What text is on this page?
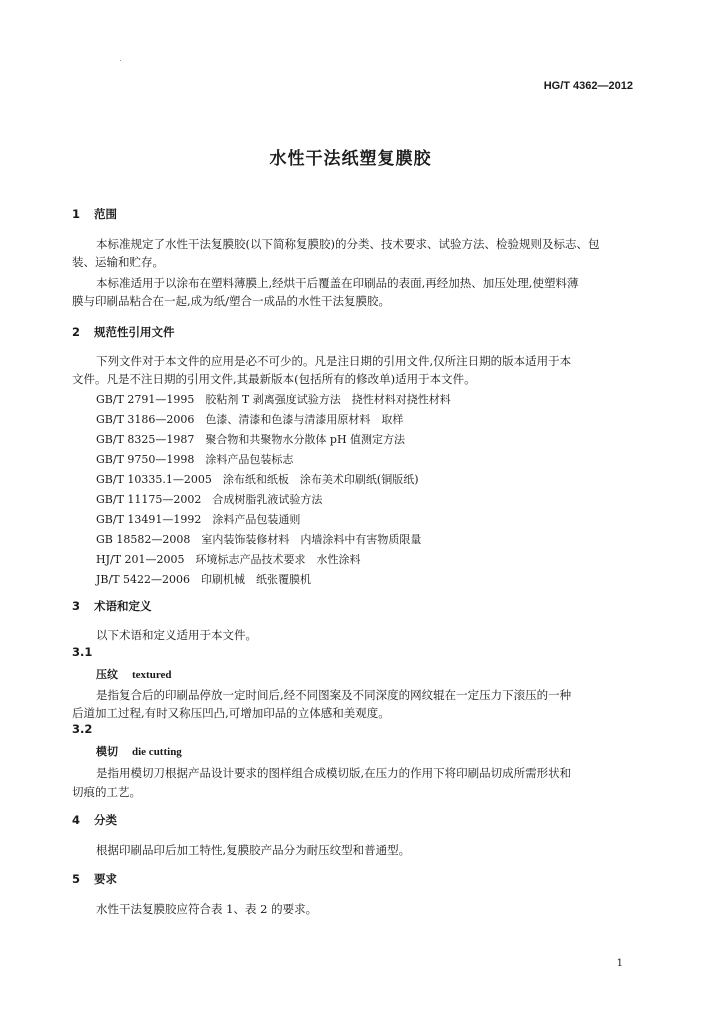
HG/T 4362—2012
水性干法纸塑复膜胶
1 范围
本标准规定了水性干法复膜胶(以下简称复膜胶)的分类、技术要求、试验方法、检验规则及标志、包
装、运输和贮存。
本标准适用于以涂布在塑料薄膜上,经烘干后覆盖在印刷品的表面,再经加热、加压处理,使塑料薄
膜与印刷品粘合在一起,成为纸/塑合一成品的水性干法复膜胶。
2 规范性引用文件
下列文件对于本文件的应用是必不可少的。凡是注日期的引用文件,仅所注日期的版本适用于本
文件。凡是不注日期的引用文件,其最新版本(包括所有的修改单)适用于本文件。
GB/T 2791—1995　 胶粘剂 T 剥离强度试验方法　挠性材料对挠性材料
GB/T 3186—2006　 色漆、清漆和色漆与清漆用原材料　取样
GB/T 8325—1987　 聚合物和共聚物水分散体 pH 值测定方法
GB/T 9750—1998　 涂料产品包装标志
GB/T 10335.1—2005　 涂布纸和纸板　涂布美术印刷纸(铜版纸)
GB/T 11175—2002　 合成树脂乳液试验方法
GB/T 13491—1992　 涂料产品包装通则
GB 18582—2008　 室内装饰装修材料　内墙涂料中有害物质限量
HJ/T 201—2005　 环境标志产品技术要求　水性涂料
JB/T 5422—2006　 印刷机械　纸张覆膜机
3 术语和定义
以下术语和定义适用于本文件。
3.1
压纹 textured
是指复合后的印刷品停放一定时间后,经不同图案及不同深度的网纹辊在一定压力下滚压的一种
后道加工过程,有时又称压凹凸,可增加印品的立体感和美观度。
3.2
模切 die cutting
是指用模切刀根据产品设计要求的图样组合成模切版,在压力的作用下将印刷品切成所需形状和
切痕的工艺。
4 分类
根据印刷品印后加工特性,复膜胶产品分为耐压纹型和普通型。
5 要求
水性干法复膜胶应符合表 1、表 2 的要求。
1
